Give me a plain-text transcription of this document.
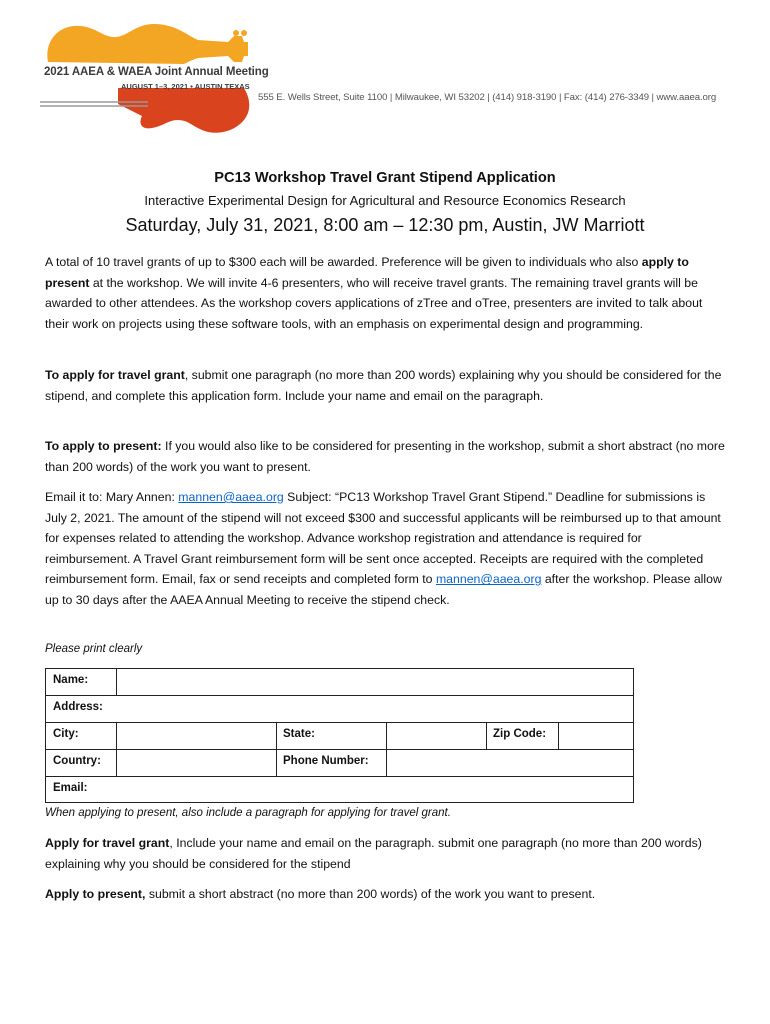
2021 AAEA & WAEA Joint Annual Meeting
AUGUST 1–3, 2021 • AUSTIN TEXAS
555 E. Wells Street, Suite 1100 | Milwaukee, WI 53202 | (414) 918-3190 | Fax: (414) 276-3349 | www.aaea.org
PC13 Workshop Travel Grant Stipend Application
Interactive Experimental Design for Agricultural and Resource Economics Research
Saturday, July 31, 2021, 8:00 am – 12:30 pm, Austin, JW Marriott

A total of 10 travel grants of up to $300 each will be awarded. Preference will be given to individuals who also apply to present at the workshop. We will invite 4-6 presenters, who will receive travel grants. The remaining travel grants will be awarded to other attendees. As the workshop covers applications of zTree and oTree, presenters are invited to talk about their work on projects using these software tools, with an emphasis on experimental design and programming.

To apply for travel grant, submit one paragraph (no more than 200 words) explaining why you should be considered for the stipend, and complete this application form. Include your name and email on the paragraph.

To apply to present: If you would also like to be considered for presenting in the workshop, submit a short abstract (no more than 200 words) of the work you want to present.

Email it to: Mary Annen: mannen@aaea.org Subject: “PC13 Workshop Travel Grant Stipend.” Deadline for submissions is July 2, 2021. The amount of the stipend will not exceed $300 and successful applicants will be reimbursed up to that amount for expenses related to attending the workshop. Advance workshop registration and attendance is required for reimbursement. A Travel Grant reimbursement form will be sent once accepted. Receipts are required with the completed reimbursement form. Email, fax or send receipts and completed form to mannen@aaea.org after the workshop. Please allow up to 30 days after the AAEA Annual Meeting to receive the stipend check.

Please print clearly

Name:
Address:
City:	State:	Zip Code:
Country:	Phone Number:
Email:

When applying to present, also include a paragraph for applying for travel grant.

Apply for travel grant, Include your name and email on the paragraph. submit one paragraph (no more than 200 words) explaining why you should be considered for the stipend

Apply to present, submit a short abstract (no more than 200 words) of the work you want to present.
